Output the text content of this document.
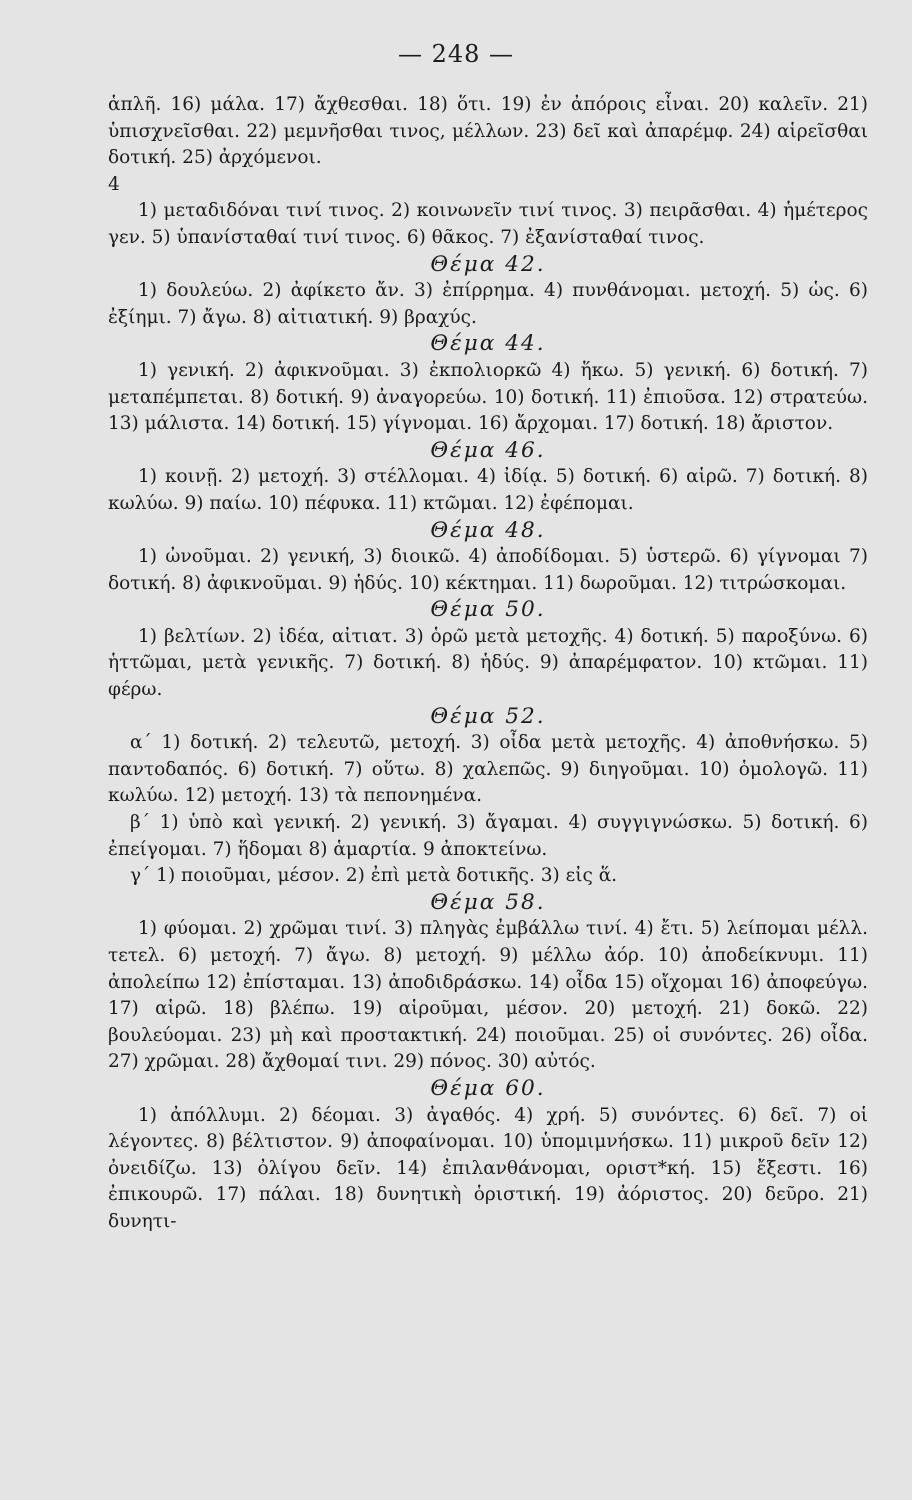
— 248 —

ἁπλῆ. 16) μάλα. 17) ἄχθεσθαι. 18) ὅτι. 19) ἐν ἀπόροις εἶναι. 20) καλεῖν. 21) ὑπισχνεῖσθαι. 22) μεμνῆσθαι τινος, μέλλων. 23) δεῖ καὶ ἀπαρέμφ. 24) αἱρεῖσθαι δοτική. 25) ἀρχόμενοι.

4

1) μεταδιδόναι τινί τινος. 2) κοινωνεῖν τινί τινος. 3) πειρᾶσθαι. 4) ἡμέτερος γεν. 5) ὑπανίσταθαί τινί τινος. 6) θᾶκος. 7) ἐξανίσταθαί τινος.

Θέμα 42.

1) δουλεύω. 2) ἀφίκετο ἄν. 3) ἐπίρρημα. 4) πυνθάνομαι. μετοχή. 5) ὡς. 6) ἐξίημι. 7) ἄγω. 8) αἰτιατική. 9) βραχύς.

Θέμα 44.

1) γενική. 2) ἀφικνοῦμαι. 3) ἐκπολιορκῶ 4) ἥκω. 5) γενική. 6) δοτική. 7) μεταπέμπεται. 8) δοτική. 9) ἀναγορεύω. 10) δοτική. 11) ἐπιοῦσα. 12) στρατεύω. 13) μάλιστα. 14) δοτική. 15) γίγνομαι. 16) ἄρχομαι. 17) δοτική. 18) ἄριστον.

Θέμα 46.

1) κοινῇ. 2) μετοχή. 3) στέλλομαι. 4) ἰδίᾳ. 5) δοτική. 6) αἱρῶ. 7) δοτική. 8) κωλύω. 9) παίω. 10) πέφυκα. 11) κτῶμαι. 12) ἐφέπομαι.

Θέμα 48.

1) ὠνοῦμαι. 2) γενική, 3) διοικῶ. 4) ἀποδίδομαι. 5) ὑστερῶ. 6) γίγνομαι 7) δοτική. 8) ἀφικνοῦμαι. 9) ἡδύς. 10) κέκτημαι. 11) δωροῦμαι. 12) τιτρώσκομαι.

Θέμα 50.

1) βελτίων. 2) ἰδέα, αἰτιατ. 3) ὁρῶ μετὰ μετοχῆς. 4) δοτική. 5) παροξύνω. 6) ἡττῶμαι, μετὰ γενικῆς. 7) δοτική. 8) ἡδύς. 9) ἀπαρέμφατον. 10) κτῶμαι. 11) φέρω.

Θέμα 52.

α΄ 1) δοτική. 2) τελευτῶ, μετοχή. 3) οἶδα μετὰ μετοχῆς. 4) ἀποθνήσκω. 5) παντοδαπός. 6) δοτική. 7) οὕτω. 8) χαλεπῶς. 9) διηγοῦμαι. 10) ὁμολογῶ. 11) κωλύω. 12) μετοχή. 13) τὰ πεπονημένα.

β΄ 1) ὑπὸ καὶ γενική. 2) γενική. 3) ἄγαμαι. 4) συγγιγνώσκω. 5) δοτική. 6) ἐπείγομαι. 7) ἥδομαι 8) ἁμαρτία. 9 ἀποκτείνω.

γ΄ 1) ποιοῦμαι, μέσον. 2) ἐπὶ μετὰ δοτικῆς. 3) εἰς ἅ.

Θέμα 58.

1) φύομαι. 2) χρῶμαι τινί. 3) πληγὰς ἐμβάλλω τινί. 4) ἔτι. 5) λείπομαι μέλλ. τετελ. 6) μετοχή. 7) ἄγω. 8) μετοχή. 9) μέλλω ἀόρ. 10) ἀποδείκνυμι. 11) ἀπολείπω 12) ἐπίσταμαι. 13) ἀποδιδράσκω. 14) οἶδα 15) οἴχομαι 16) ἀποφεύγω. 17) αἱρῶ. 18) βλέπω. 19) αἱροῦμαι, μέσον. 20) μετοχή. 21) δοκῶ. 22) βουλεύομαι. 23) μὴ καὶ προστακτική. 24) ποιοῦμαι. 25) οἱ συνόντες. 26) οἶδα. 27) χρῶμαι. 28) ἄχθομαί τινι. 29) πόνος. 30) αὐτός.

Θέμα 60.

1) ἀπόλλυμι. 2) δέομαι. 3) ἀγαθός. 4) χρή. 5) συνόντες. 6) δεῖ. 7) οἱ λέγοντες. 8) βέλτιστον. 9) ἀποφαίνομαι. 10) ὑπομιμνήσκω. 11) μικροῦ δεῖν 12) ὀνειδίζω. 13) ὀλίγου δεῖν. 14) ἐπιλανθάνομαι, οριστ*κή. 15) ἔξεστι. 16) ἐπικουρῶ. 17) πάλαι. 18) δυνητικὴ ὁριστική. 19) ἀόριστος. 20) δεῦρο. 21) δυνητι-
